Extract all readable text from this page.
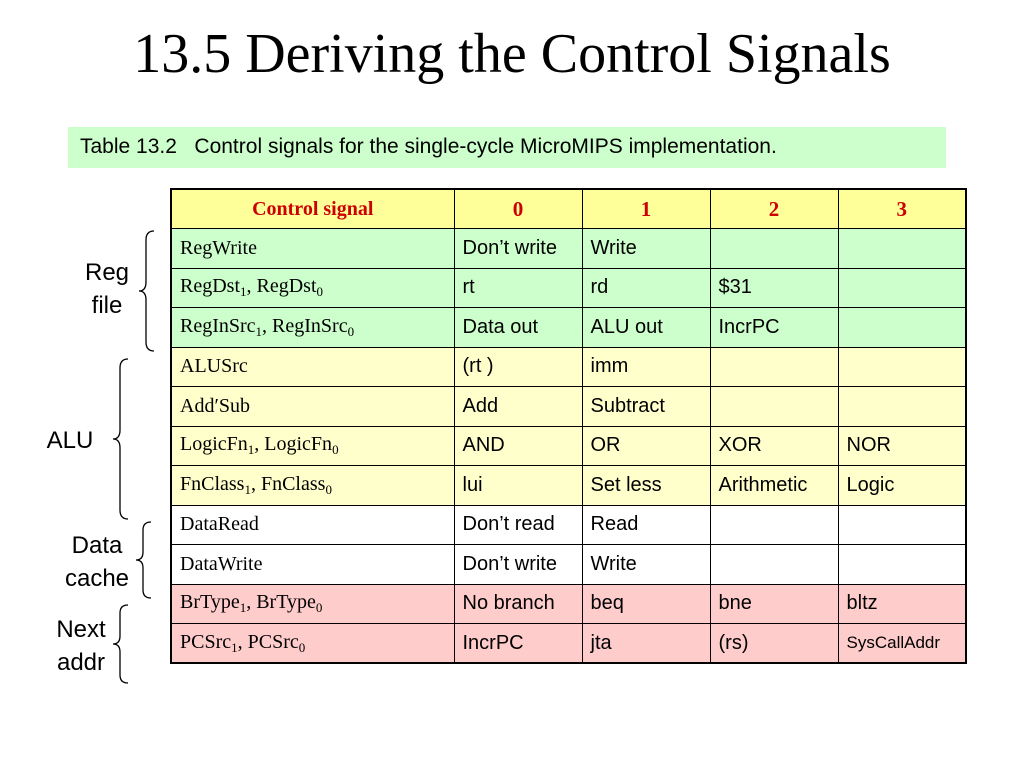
13.5 Deriving the Control Signals
Table 13.2   Control signals for the single-cycle MicroMIPS implementation.
Control signal	0	1	2	3
RegWrite	Don’t write	Write		
RegDst$_1$, RegDst$_0$	rt	rd	$31	
RegInSrc$_1$, RegInSrc$_0$	Data out	ALU out	IncrPC	
ALUSrc	(rt )	imm		
Add′Sub	Add	Subtract		
LogicFn$_1$, LogicFn$_0$	AND	OR	XOR	NOR
FnClass$_1$, FnClass$_0$	lui	Set less	Arithmetic	Logic
DataRead	Don’t read	Read		
DataWrite	Don’t write	Write		
BrType$_1$, BrType$_0$	No branch	beq	bne	bltz
PCSrc$_1$, PCSrc$_0$	IncrPC	jta	(rs)	SysCallAddr
Reg
file
ALU
Data
cache
Next
addr
